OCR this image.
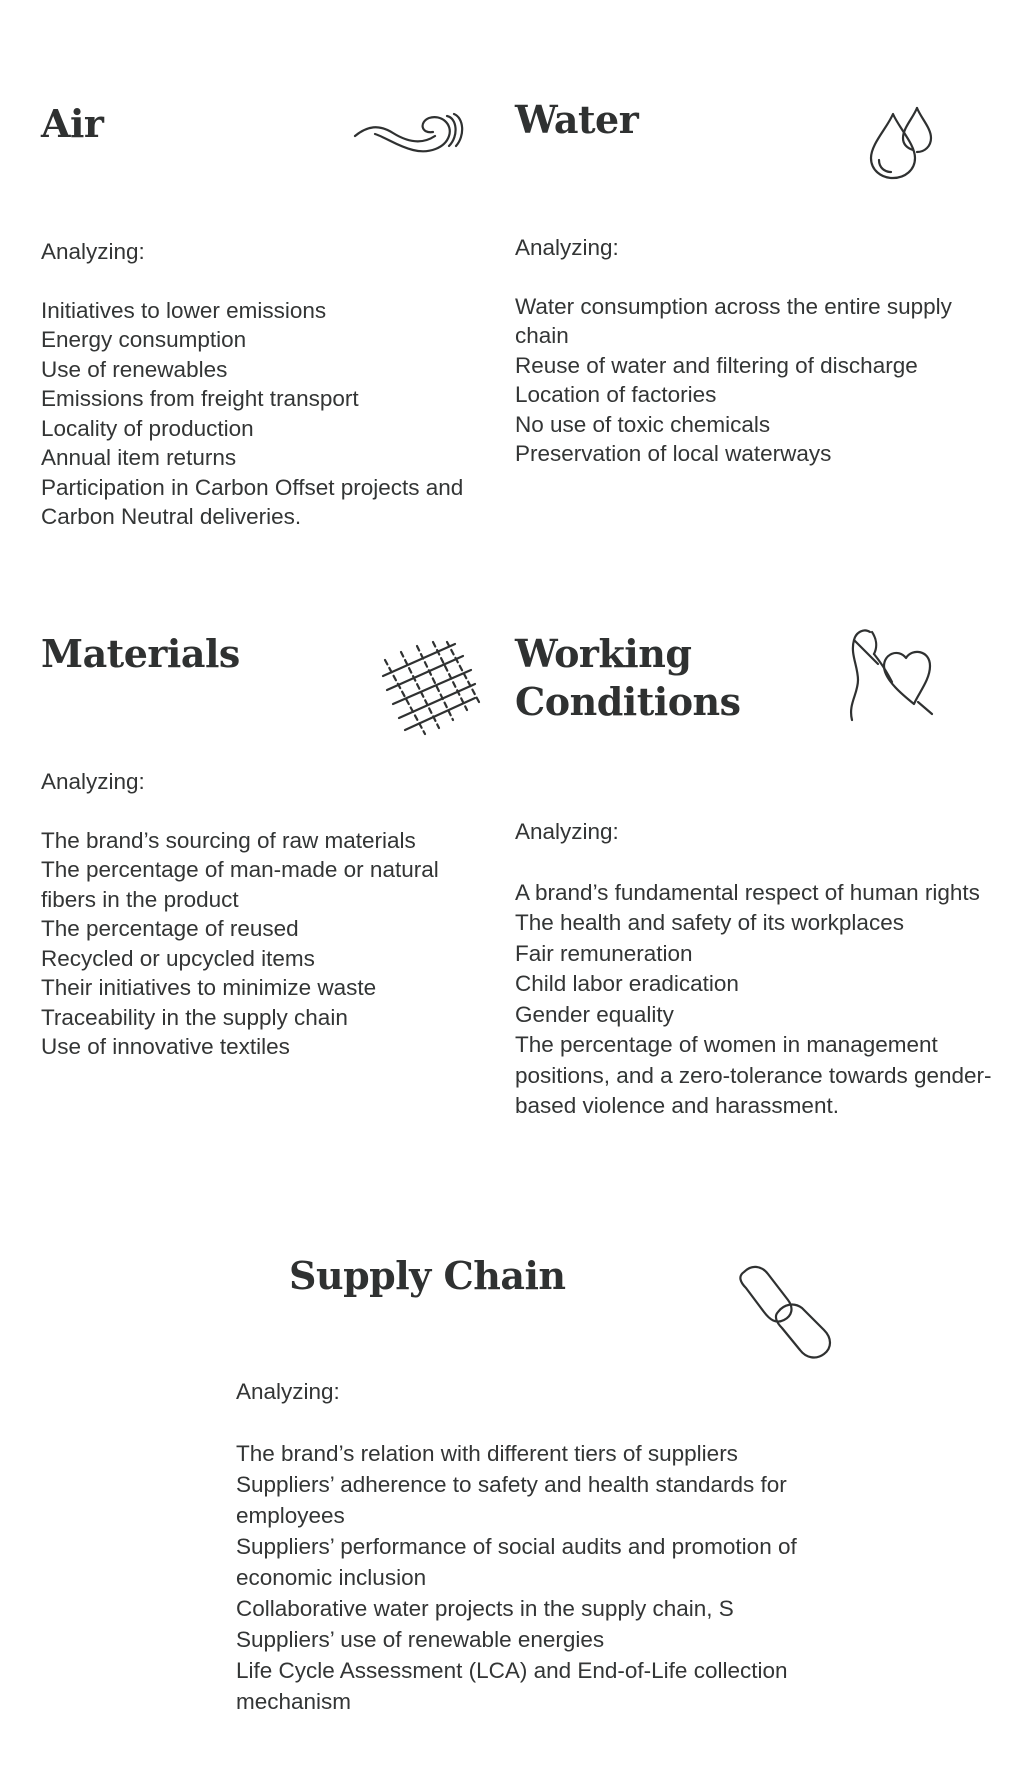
Air

Analyzing:

Initiatives to lower emissions
Energy consumption
Use of renewables
Emissions from freight transport
Locality of production
Annual item returns
Participation in Carbon Offset projects and Carbon Neutral deliveries.
Water

Analyzing:

Water consumption across the entire supply chain
Reuse of water and filtering of discharge
Location of factories
No use of toxic chemicals
Preservation of local waterways
Materials

Analyzing:

The brand’s sourcing of raw materials
The percentage of man-made or natural fibers in the product
The percentage of reused
Recycled or upcycled items
Their initiatives to minimize waste
Traceability in the supply chain
Use of innovative textiles
Working Conditions

Analyzing:

A brand’s fundamental respect of human rights
The health and safety of its workplaces
Fair remuneration
Child labor eradication
Gender equality
The percentage of women in management positions, and a zero-tolerance towards gender-based violence and harassment.
Supply Chain

Analyzing:

The brand’s relation with different tiers of suppliers
Suppliers’ adherence to safety and health standards for employees
Suppliers’ performance of social audits and promotion of economic inclusion
Collaborative water projects in the supply chain, S
Suppliers’ use of renewable energies
Life Cycle Assessment (LCA) and End-of-Life collection mechanism
